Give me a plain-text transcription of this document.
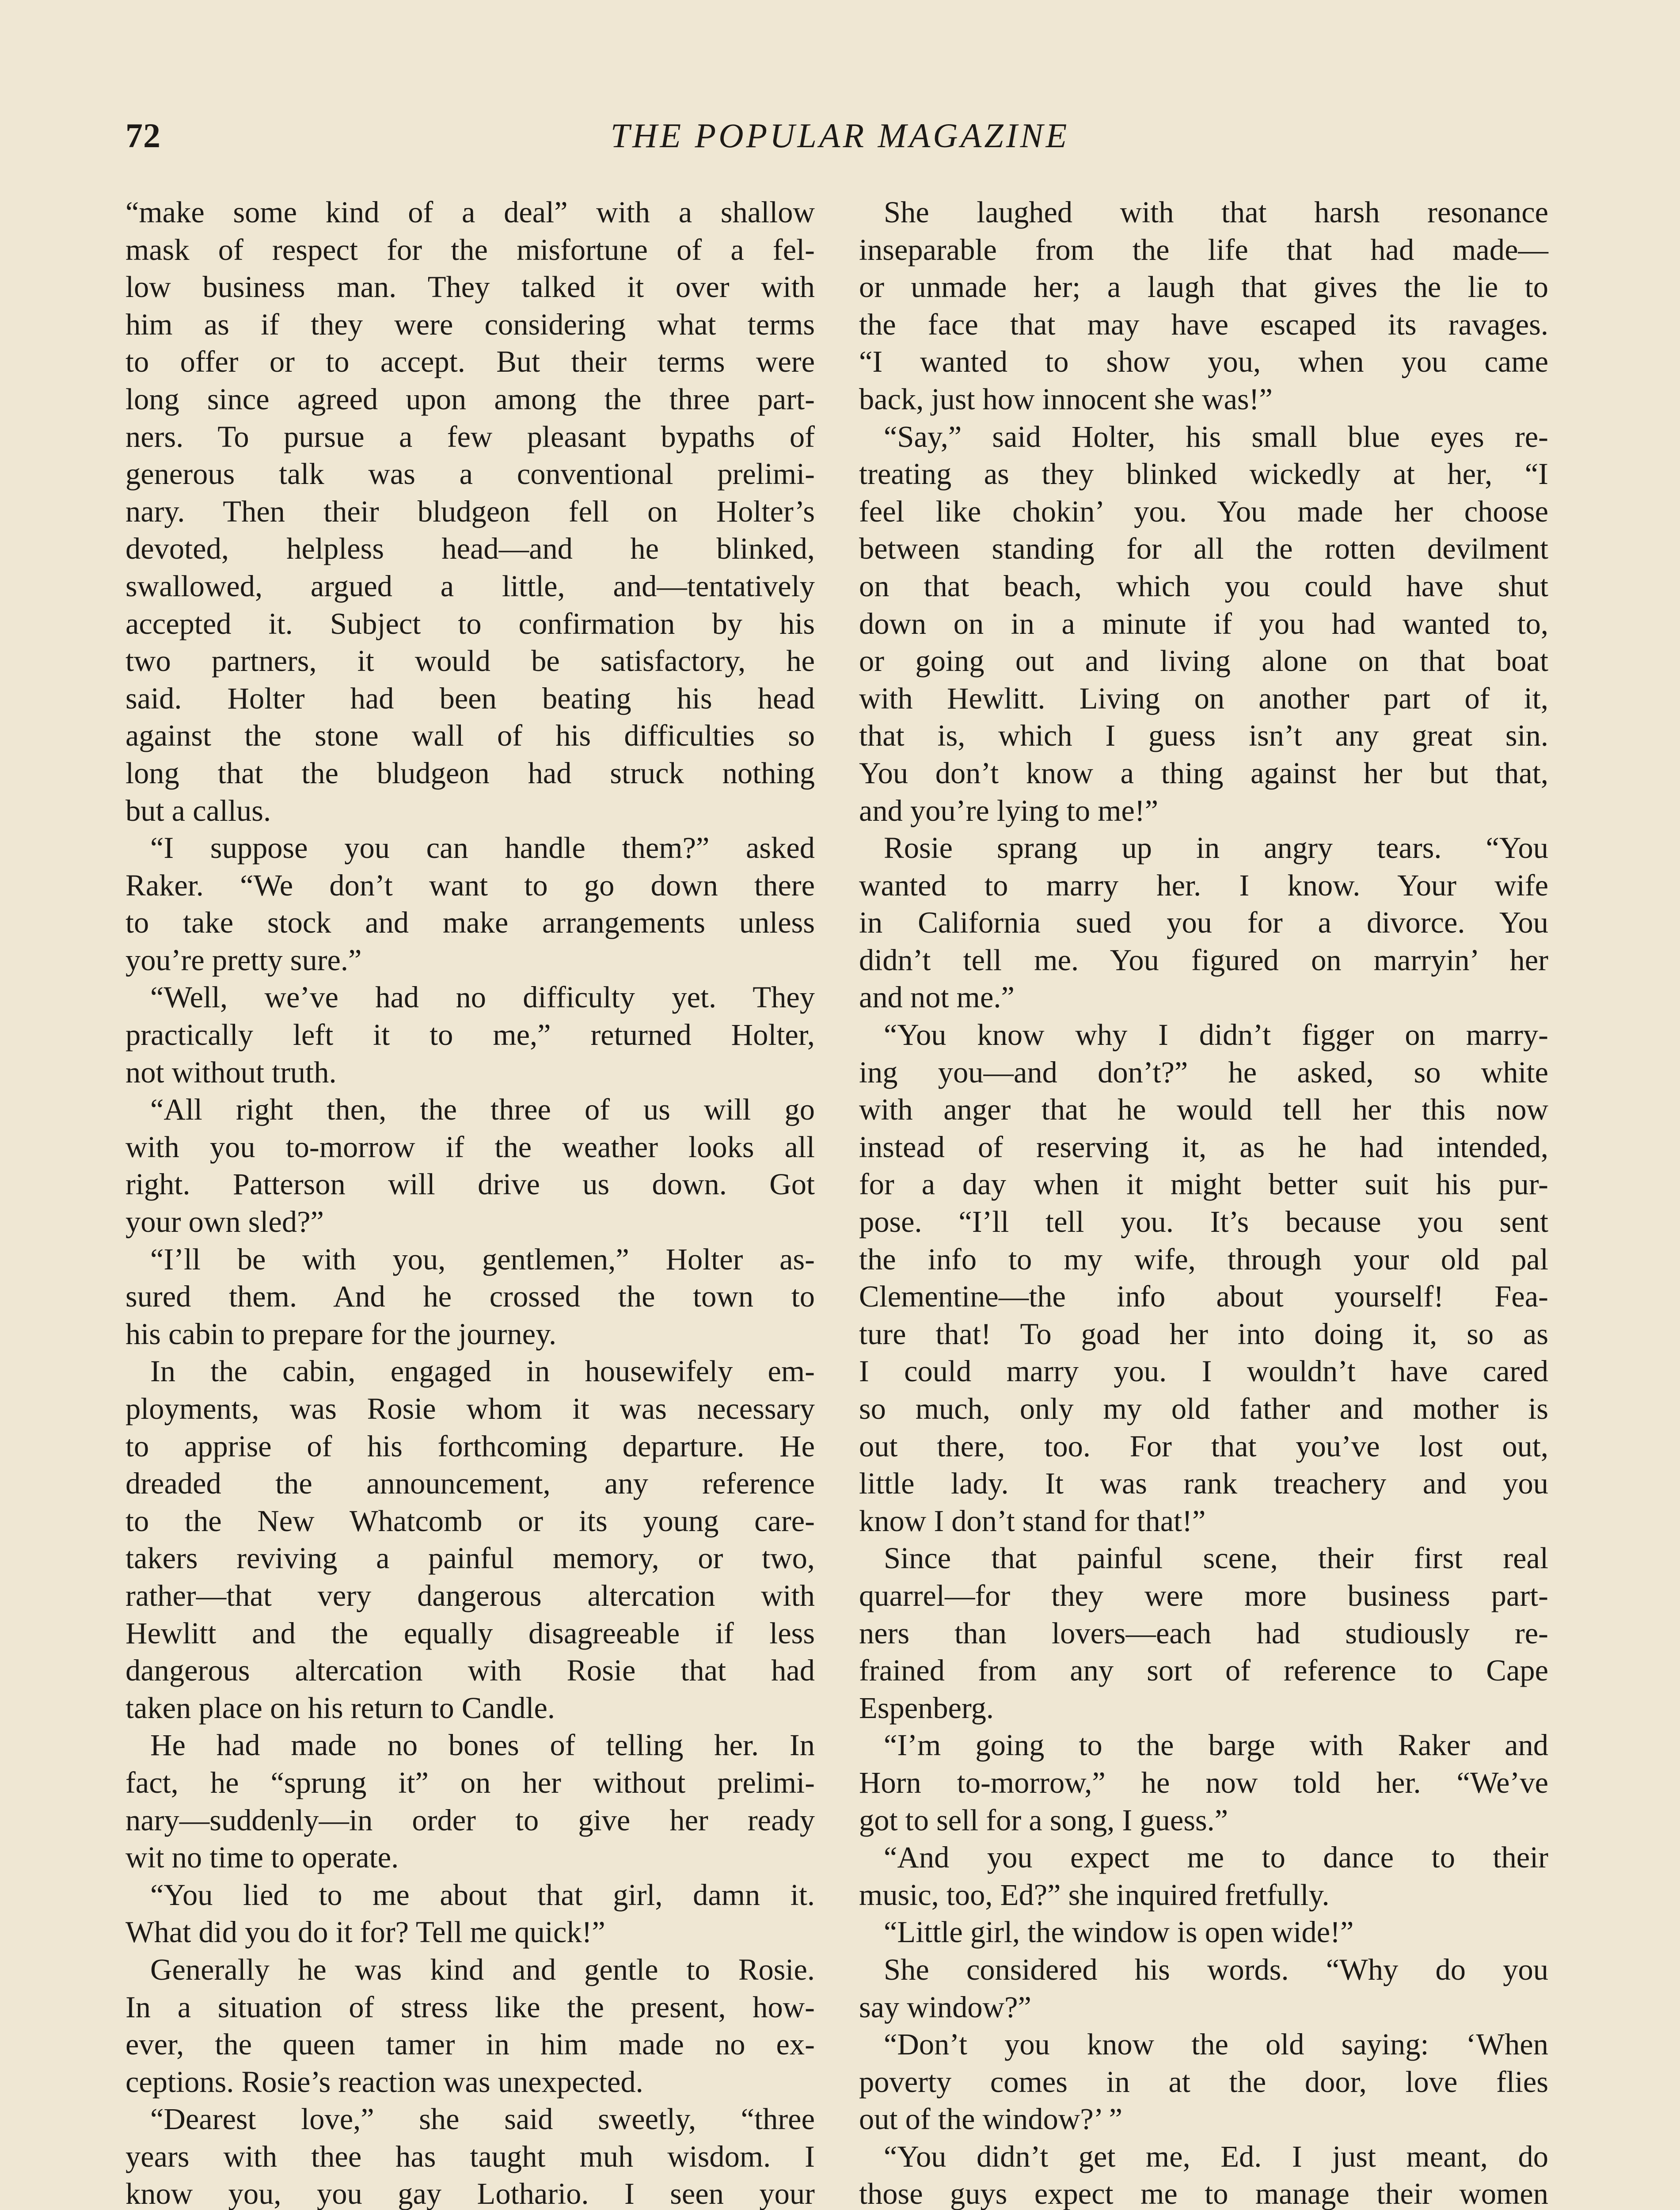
72	THE POPULAR MAGAZINE
“make some kind of a deal” with a shallow
mask of respect for the misfortune of a fel-
low business man. They talked it over with
him as if they were considering what terms
to offer or to accept. But their terms were
long since agreed upon among the three part-
ners. To pursue a few pleasant bypaths of
generous talk was a conventional prelimi-
nary. Then their bludgeon fell on Holter’s
devoted, helpless head—and he blinked,
swallowed, argued a little, and—tentatively
accepted it. Subject to confirmation by his
two partners, it would be satisfactory, he
said. Holter had been beating his head
against the stone wall of his difficulties so
long that the bludgeon had struck nothing
but a callus.
“I suppose you can handle them?” asked
Raker. “We don’t want to go down there
to take stock and make arrangements unless
you’re pretty sure.”
“Well, we’ve had no difficulty yet. They
practically left it to me,” returned Holter,
not without truth.
“All right then, the three of us will go
with you to-morrow if the weather looks all
right. Patterson will drive us down. Got
your own sled?”
“I’ll be with you, gentlemen,” Holter as-
sured them. And he crossed the town to
his cabin to prepare for the journey.
In the cabin, engaged in housewifely em-
ployments, was Rosie whom it was necessary
to apprise of his forthcoming departure. He
dreaded the announcement, any reference
to the New Whatcomb or its young care-
takers reviving a painful memory, or two,
rather—that very dangerous altercation with
Hewlitt and the equally disagreeable if less
dangerous altercation with Rosie that had
taken place on his return to Candle.
He had made no bones of telling her. In
fact, he “sprung it” on her without prelimi-
nary—suddenly—in order to give her ready
wit no time to operate.
“You lied to me about that girl, damn it.
What did you do it for? Tell me quick!”
Generally he was kind and gentle to Rosie.
In a situation of stress like the present, how-
ever, the queen tamer in him made no ex-
ceptions. Rosie’s reaction was unexpected.
“Dearest love,” she said sweetly, “three
years with thee has taught muh wisdom. I
know you, you gay Lothario. I seen your
She laughed with that harsh resonance
inseparable from the life that had made—
or unmade her; a laugh that gives the lie to
the face that may have escaped its ravages.
“I wanted to show you, when you came
back, just how innocent she was!”
“Say,” said Holter, his small blue eyes re-
treating as they blinked wickedly at her, “I
feel like chokin’ you. You made her choose
between standing for all the rotten devilment
on that beach, which you could have shut
down on in a minute if you had wanted to,
or going out and living alone on that boat
with Hewlitt. Living on another part of it,
that is, which I guess isn’t any great sin.
You don’t know a thing against her but that,
and you’re lying to me!”
Rosie sprang up in angry tears. “You
wanted to marry her. I know. Your wife
in California sued you for a divorce. You
didn’t tell me. You figured on marryin’ her
and not me.”
“You know why I didn’t figger on marry-
ing you—and don’t?” he asked, so white
with anger that he would tell her this now
instead of reserving it, as he had intended,
for a day when it might better suit his pur-
pose. “I’ll tell you. It’s because you sent
the info to my wife, through your old pal
Clementine—the info about yourself! Fea-
ture that! To goad her into doing it, so as
I could marry you. I wouldn’t have cared
so much, only my old father and mother is
out there, too. For that you’ve lost out,
little lady. It was rank treachery and you
know I don’t stand for that!”
Since that painful scene, their first real
quarrel—for they were more business part-
ners than lovers—each had studiously re-
frained from any sort of reference to Cape
Espenberg.
“I’m going to the barge with Raker and
Horn to-morrow,” he now told her. “We’ve
got to sell for a song, I guess.”
“And you expect me to dance to their
music, too, Ed?” she inquired fretfully.
“Little girl, the window is open wide!”
She considered his words. “Why do you
say window?”
“Don’t you know the old saying: ‘When
poverty comes in at the door, love flies
out of the window?’ ”
“You didn’t get me, Ed. I just meant, do
those guys expect me to manage their women
